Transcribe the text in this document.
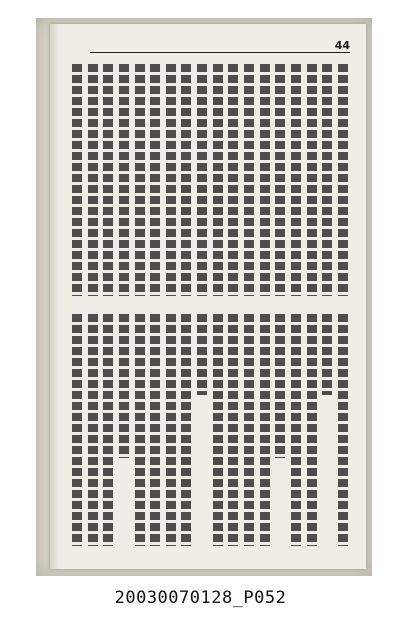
44
20030070128_P052
